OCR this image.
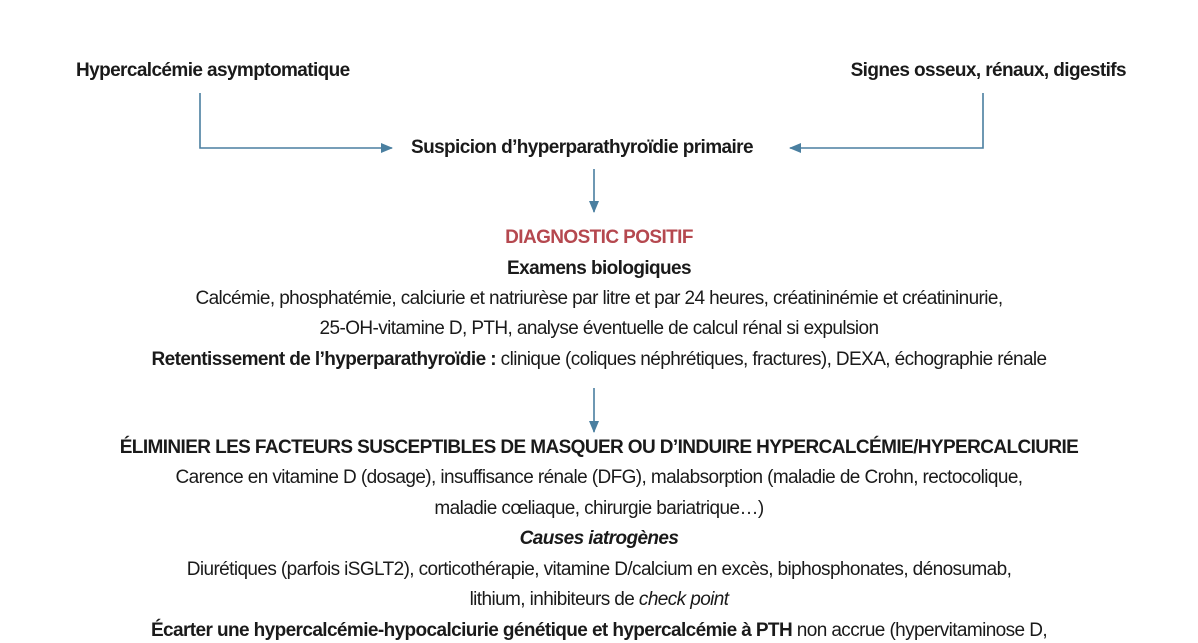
Hypercalcémie asymptomatique	Signes osseux, rénaux, digestifs
Suspicion d’hyperparathyroïdie primaire
DIAGNOSTIC POSITIF
Examens biologiques
Calcémie, phosphatémie, calciurie et natriurèse par litre et par 24 heures, créatininémie et créatininurie,
25-OH-vitamine D, PTH, analyse éventuelle de calcul rénal si expulsion
Retentissement de l’hyperparathyroïdie : clinique (coliques néphrétiques, fractures), DEXA, échographie rénale
ÉLIMINIER LES FACTEURS SUSCEPTIBLES DE MASQUER OU D’INDUIRE HYPERCALCÉMIE/HYPERCALCIURIE
Carence en vitamine D (dosage), insuffisance rénale (DFG), malabsorption (maladie de Crohn, rectocolique,
maladie cœliaque, chirurgie bariatrique…)
Causes iatrogènes
Diurétiques (parfois iSGLT2), corticothérapie, vitamine D/calcium en excès, biphosphonates, dénosumab,
lithium, inhibiteurs de check point
Écarter une hypercalcémie-hypocalciurie génétique et hypercalcémie à PTH non accrue (hypervitaminose D,
